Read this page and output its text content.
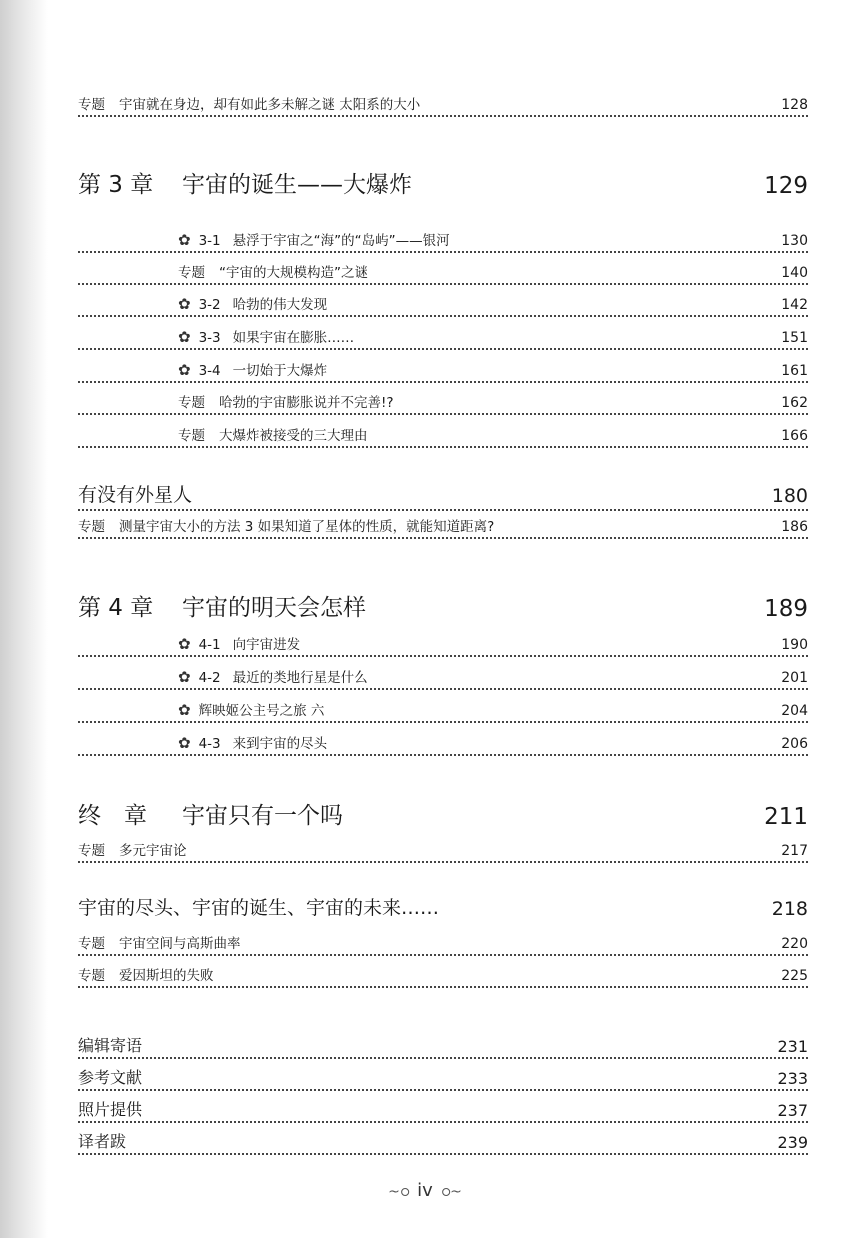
专题 宇宙就在身边，却有如此多未解之谜 太阳系的大小	128
第 3 章 宇宙的诞生——大爆炸	129
✿ 3-1 悬浮于宇宙之“海”的“岛屿”——银河	130
专题 “宇宙的大规模构造”之谜	140
✿ 3-2 哈勃的伟大发现	142
✿ 3-3 如果宇宙在膨胀……	151
✿ 3-4 一切始于大爆炸	161
专题 哈勃的宇宙膨胀说并不完善!?	162
专题 大爆炸被接受的三大理由	166
有没有外星人	180
专题 测量宇宙大小的方法 3 如果知道了星体的性质，就能知道距离?	186
第 4 章 宇宙的明天会怎样	189
✿ 4-1 向宇宙进发	190
✿ 4-2 最近的类地行星是什么	201
✿ 辉映姬公主号之旅 六	204
✿ 4-3 来到宇宙的尽头	206
终　章 宇宙只有一个吗	211
专题 多元宇宙论	217
宇宙的尽头、宇宙的诞生、宇宙的未来……	218
专题 宇宙空间与高斯曲率	220
专题 爱因斯坦的失败	225
编辑寄语	231
参考文献	233
照片提供	237
译者跋	239
~ഠ iv ഠ~
